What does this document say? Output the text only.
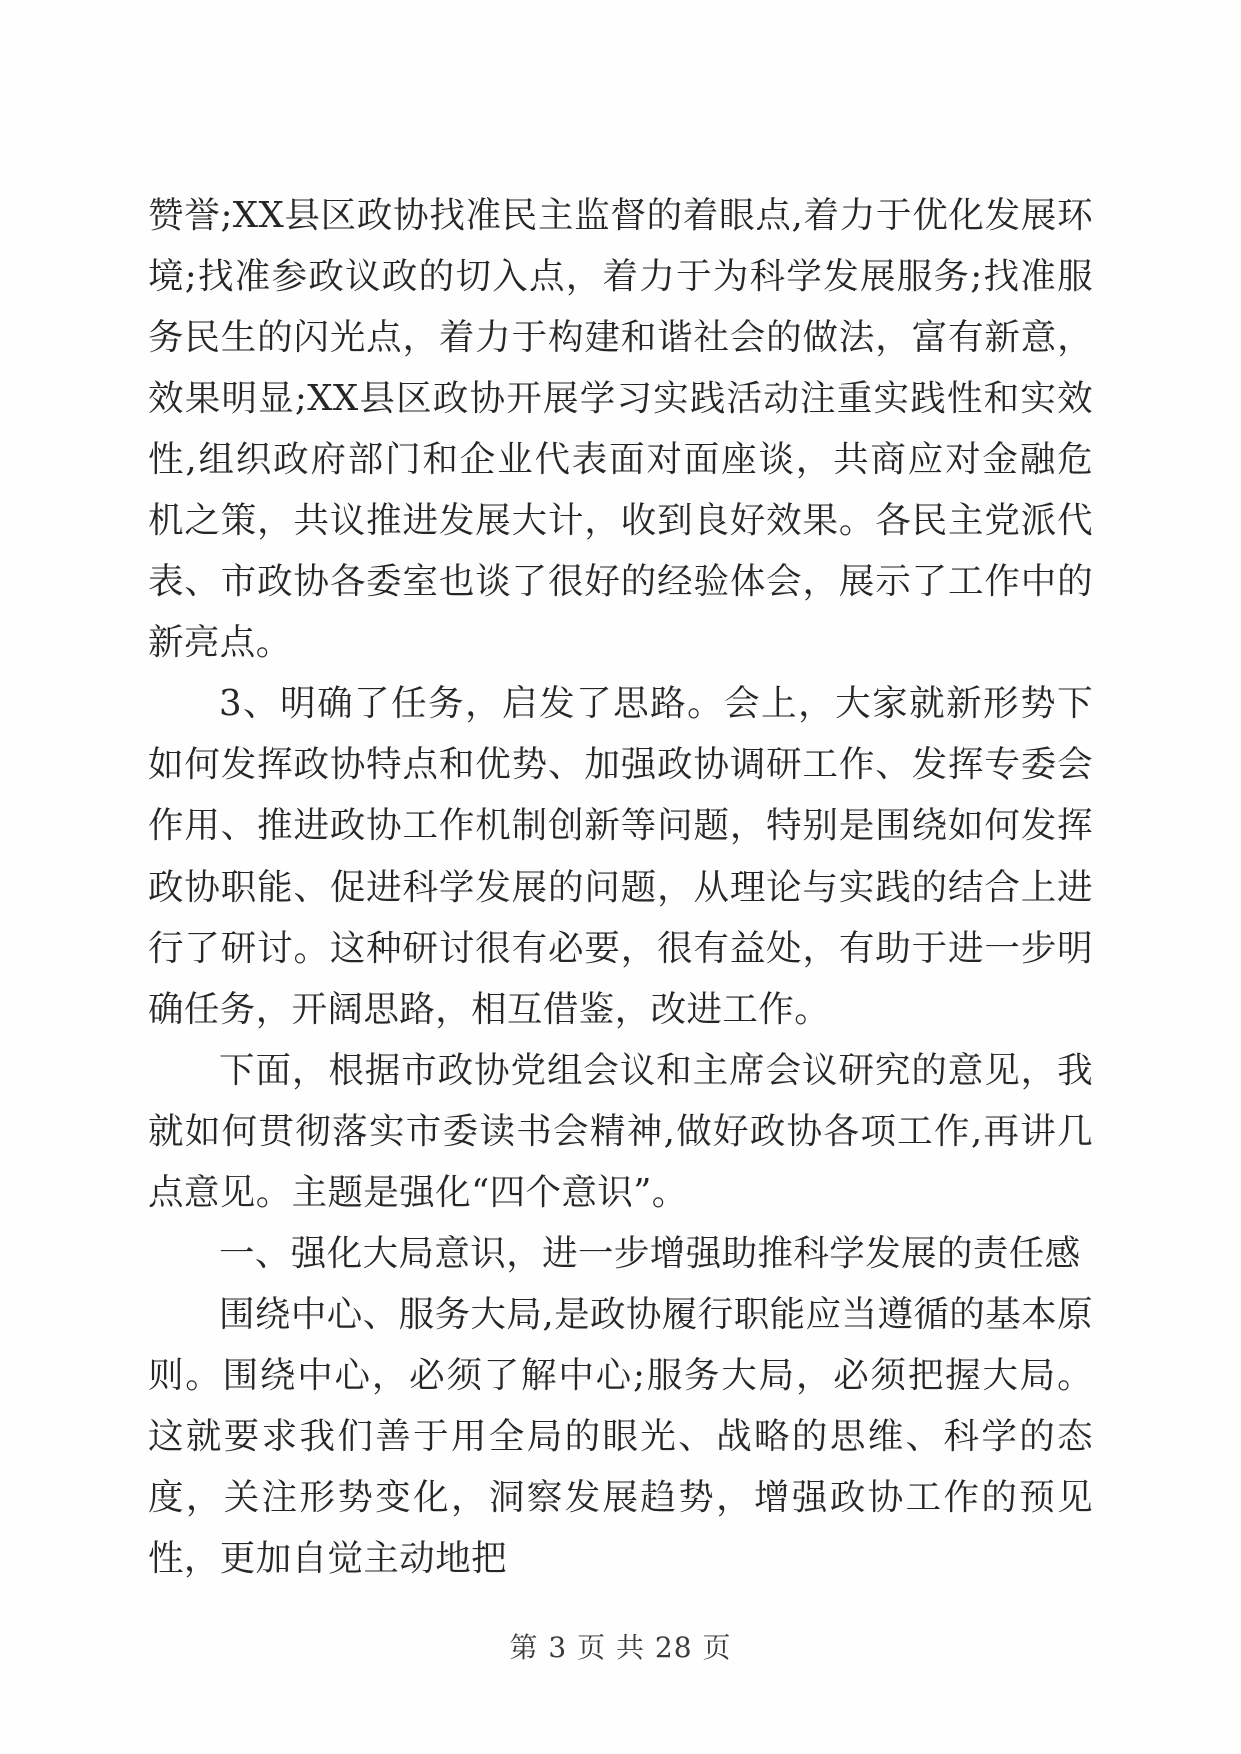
赞誉;XX县区政协找准民主监督的着眼点,着力于优化发展环境;找准参政议政的切入点，着力于为科学发展服务;找准服务民生的闪光点，着力于构建和谐社会的做法，富有新意，效果明显;XX县区政协开展学习实践活动注重实践性和实效性,组织政府部门和企业代表面对面座谈，共商应对金融危机之策，共议推进发展大计，收到良好效果。各民主党派代表、市政协各委室也谈了很好的经验体会，展示了工作中的新亮点。

3、明确了任务，启发了思路。会上，大家就新形势下如何发挥政协特点和优势、加强政协调研工作、发挥专委会作用、推进政协工作机制创新等问题，特别是围绕如何发挥政协职能、促进科学发展的问题，从理论与实践的结合上进行了研讨。这种研讨很有必要，很有益处，有助于进一步明确任务，开阔思路，相互借鉴，改进工作。

下面，根据市政协党组会议和主席会议研究的意见，我就如何贯彻落实市委读书会精神,做好政协各项工作,再讲几点意见。主题是强化“四个意识”。

一、强化大局意识，进一步增强助推科学发展的责任感

围绕中心、服务大局,是政协履行职能应当遵循的基本原则。围绕中心，必须了解中心;服务大局，必须把握大局。这就要求我们善于用全局的眼光、战略的思维、科学的态度，关注形势变化，洞察发展趋势，增强政协工作的预见性，更加自觉主动地把

第 3 页 共 28 页
